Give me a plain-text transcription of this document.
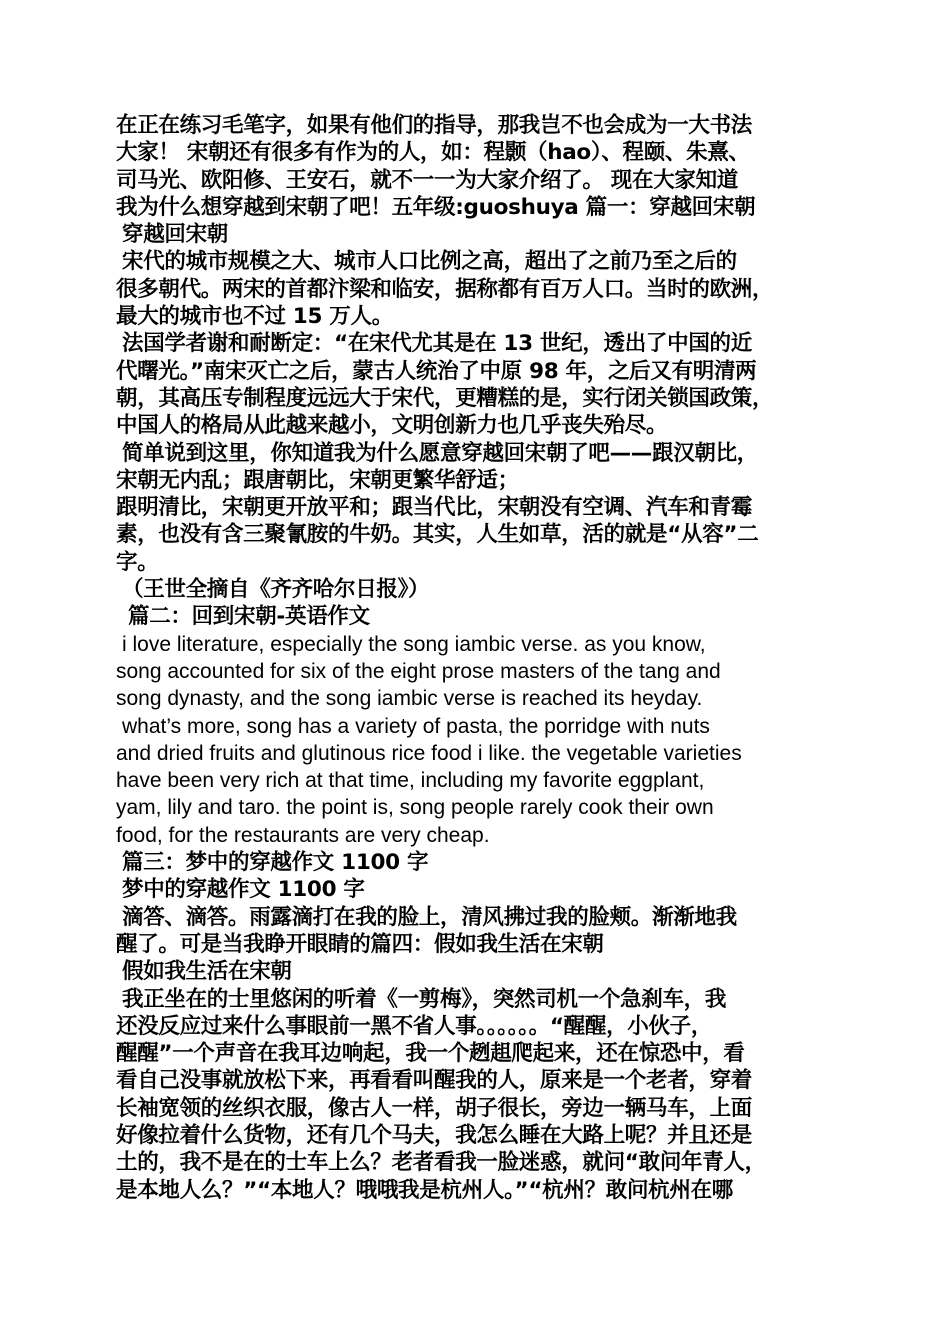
在正在练习毛笔字，如果有他们的指导，那我岂不也会成为一大书法
大家！ 宋朝还有很多有作为的人，如：程颢（hao）、程颐、朱熹、
司马光、欧阳修、王安石，就不一一为大家介绍了。 现在大家知道
我为什么想穿越到宋朝了吧！五年级:guoshuya 篇一：穿越回宋朝
穿越回宋朝
宋代的城市规模之大、城市人口比例之高，超出了之前乃至之后的
很多朝代。两宋的首都汴梁和临安，据称都有百万人口。当时的欧洲，
最大的城市也不过 15 万人。
法国学者谢和耐断定：“在宋代尤其是在 13 世纪，透出了中国的近
代曙光。”南宋灭亡之后，蒙古人统治了中原 98 年，之后又有明清两
朝，其高压专制程度远远大于宋代，更糟糕的是，实行闭关锁国政策，
中国人的格局从此越来越小，文明创新力也几乎丧失殆尽。
简单说到这里，你知道我为什么愿意穿越回宋朝了吧——跟汉朝比，
宋朝无内乱；跟唐朝比，宋朝更繁华舒适；
跟明清比，宋朝更开放平和；跟当代比，宋朝没有空调、汽车和青霉
素，也没有含三聚氰胺的牛奶。其实，人生如草，活的就是“从容”二
字。
（王世全摘自《齐齐哈尔日报》）
篇二：回到宋朝-英语作文
i love literature, especially the song iambic verse. as you know,
song accounted for six of the eight prose masters of the tang and
song dynasty, and the song iambic verse is reached its heyday.
what’s more, song has a variety of pasta, the porridge with nuts
and dried fruits and glutinous rice food i like. the vegetable varieties
have been very rich at that time, including my favorite eggplant,
yam, lily and taro. the point is, song people rarely cook their own
food, for the restaurants are very cheap.
篇三：梦中的穿越作文 1100 字
梦中的穿越作文 1100 字
滴答、滴答。雨露滴打在我的脸上，清风拂过我的脸颊。渐渐地我
醒了。可是当我睁开眼睛的篇四：假如我生活在宋朝
假如我生活在宋朝
我正坐在的士里悠闲的听着《一剪梅》，突然司机一个急刹车，我
还没反应过来什么事眼前一黑不省人事。。。。。。“醒醒，小伙子，
醒醒”一个声音在我耳边响起，我一个趔趄爬起来，还在惊恐中，看
看自己没事就放松下来，再看看叫醒我的人，原来是一个老者，穿着
长袖宽领的丝织衣服，像古人一样，胡子很长，旁边一辆马车，上面
好像拉着什么货物，还有几个马夫，我怎么睡在大路上呢？并且还是
土的，我不是在的士车上么？老者看我一脸迷惑，就问“敢问年青人，
是本地人么？”“本地人？哦哦我是杭州人。”“杭州？敢问杭州在哪
